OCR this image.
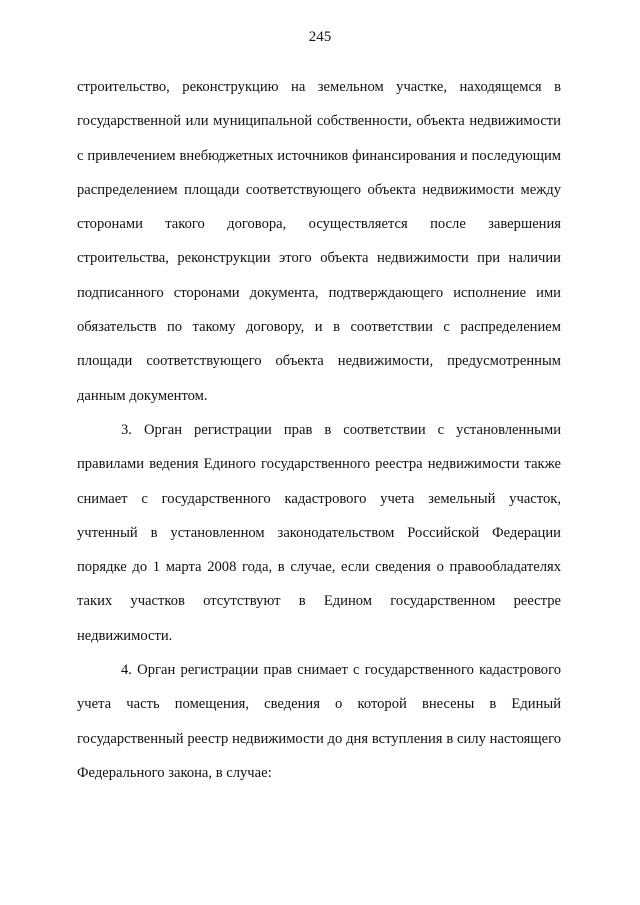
245

строительство, реконструкцию на земельном участке, находящемся в государственной или муниципальной собственности, объекта недвижимости с привлечением внебюджетных источников финансирования и последующим распределением площади соответствующего объекта недвижимости между сторонами такого договора, осуществляется после завершения строительства, реконструкции этого объекта недвижимости при наличии подписанного сторонами документа, подтверждающего исполнение ими обязательств по такому договору, и в соответствии с распределением площади соответствующего объекта недвижимости, предусмотренным данным документом.

3. Орган регистрации прав в соответствии с установленными правилами ведения Единого государственного реестра недвижимости также снимает с государственного кадастрового учета земельный участок, учтенный в установленном законодательством Российской Федерации порядке до 1 марта 2008 года, в случае, если сведения о правообладателях таких участков отсутствуют в Едином государственном реестре недвижимости.

4. Орган регистрации прав снимает с государственного кадастрового учета часть помещения, сведения о которой внесены в Единый государственный реестр недвижимости до дня вступления в силу настоящего Федерального закона, в случае:
